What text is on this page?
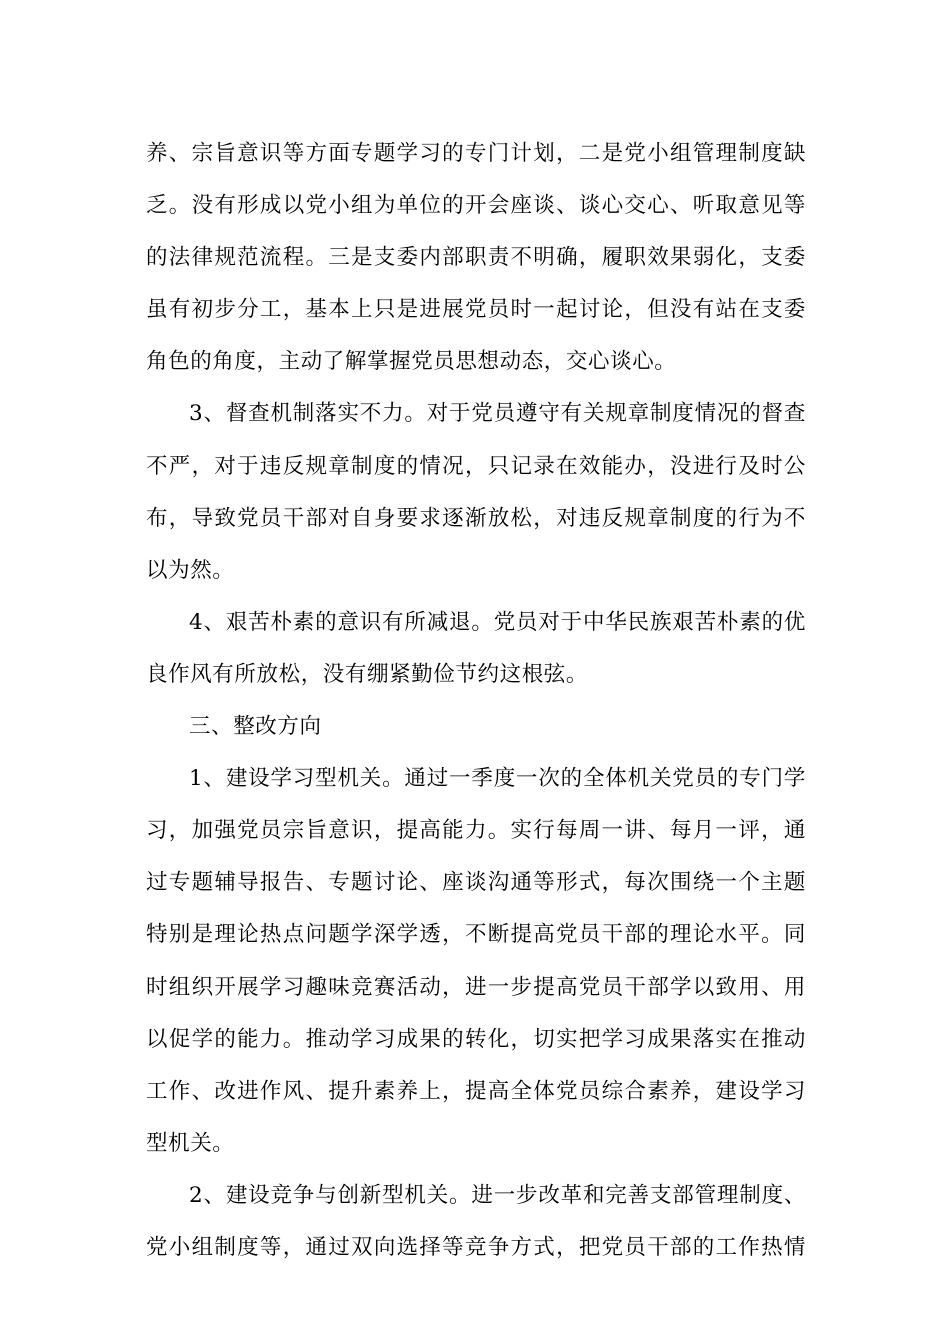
养、宗旨意识等方面专题学习的专门计划，二是党小组管理制度缺
乏。没有形成以党小组为单位的开会座谈、谈心交心、听取意见等
的法律规范流程。三是支委内部职责不明确，履职效果弱化，支委
虽有初步分工，基本上只是进展党员时一起讨论，但没有站在支委
角色的角度，主动了解掌握党员思想动态，交心谈心。
3、督查机制落实不力。对于党员遵守有关规章制度情况的督查
不严，对于违反规章制度的情况，只记录在效能办，没进行及时公
布，导致党员干部对自身要求逐渐放松，对违反规章制度的行为不
以为然。
4、艰苦朴素的意识有所减退。党员对于中华民族艰苦朴素的优
良作风有所放松，没有绷紧勤俭节约这根弦。
三、整改方向
1、建设学习型机关。通过一季度一次的全体机关党员的专门学
习，加强党员宗旨意识，提高能力。实行每周一讲、每月一评，通
过专题辅导报告、专题讨论、座谈沟通等形式，每次围绕一个主题
特别是理论热点问题学深学透，不断提高党员干部的理论水平。同
时组织开展学习趣味竞赛活动，进一步提高党员干部学以致用、用
以促学的能力。推动学习成果的转化，切实把学习成果落实在推动
工作、改进作风、提升素养上，提高全体党员综合素养，建设学习
型机关。
2、建设竞争与创新型机关。进一步改革和完善支部管理制度、
党小组制度等，通过双向选择等竞争方式，把党员干部的工作热情
